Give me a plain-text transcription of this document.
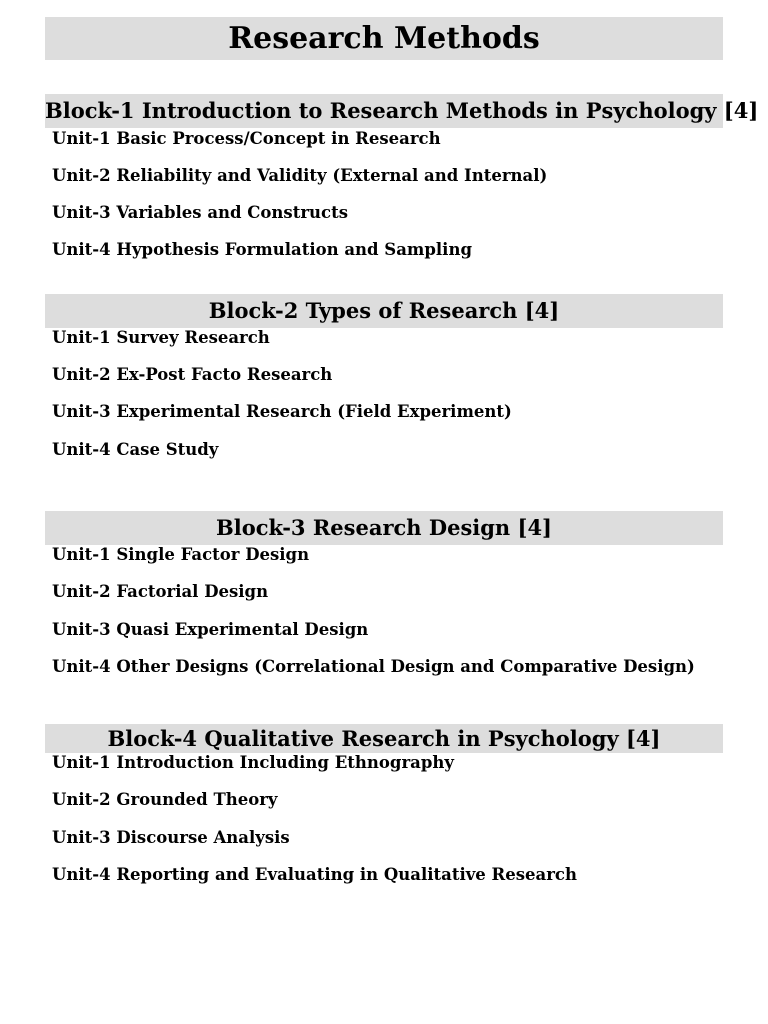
Research Methods
Block-1 Introduction to Research Methods in Psychology [4]
Unit-1 Basic Process/Concept in Research
Unit-2 Reliability and Validity (External and Internal)
Unit-3 Variables and Constructs
Unit-4 Hypothesis Formulation and Sampling
Block-2 Types of Research [4]
Unit-1 Survey Research
Unit-2 Ex-Post Facto Research
Unit-3 Experimental Research (Field Experiment)
Unit-4 Case Study
Block-3 Research Design [4]
Unit-1 Single Factor Design
Unit-2 Factorial Design
Unit-3 Quasi Experimental Design
Unit-4 Other Designs (Correlational Design and Comparative Design)
Block-4 Qualitative Research in Psychology [4]
Unit-1 Introduction Including Ethnography
Unit-2 Grounded Theory
Unit-3 Discourse Analysis
Unit-4 Reporting and Evaluating in Qualitative Research
